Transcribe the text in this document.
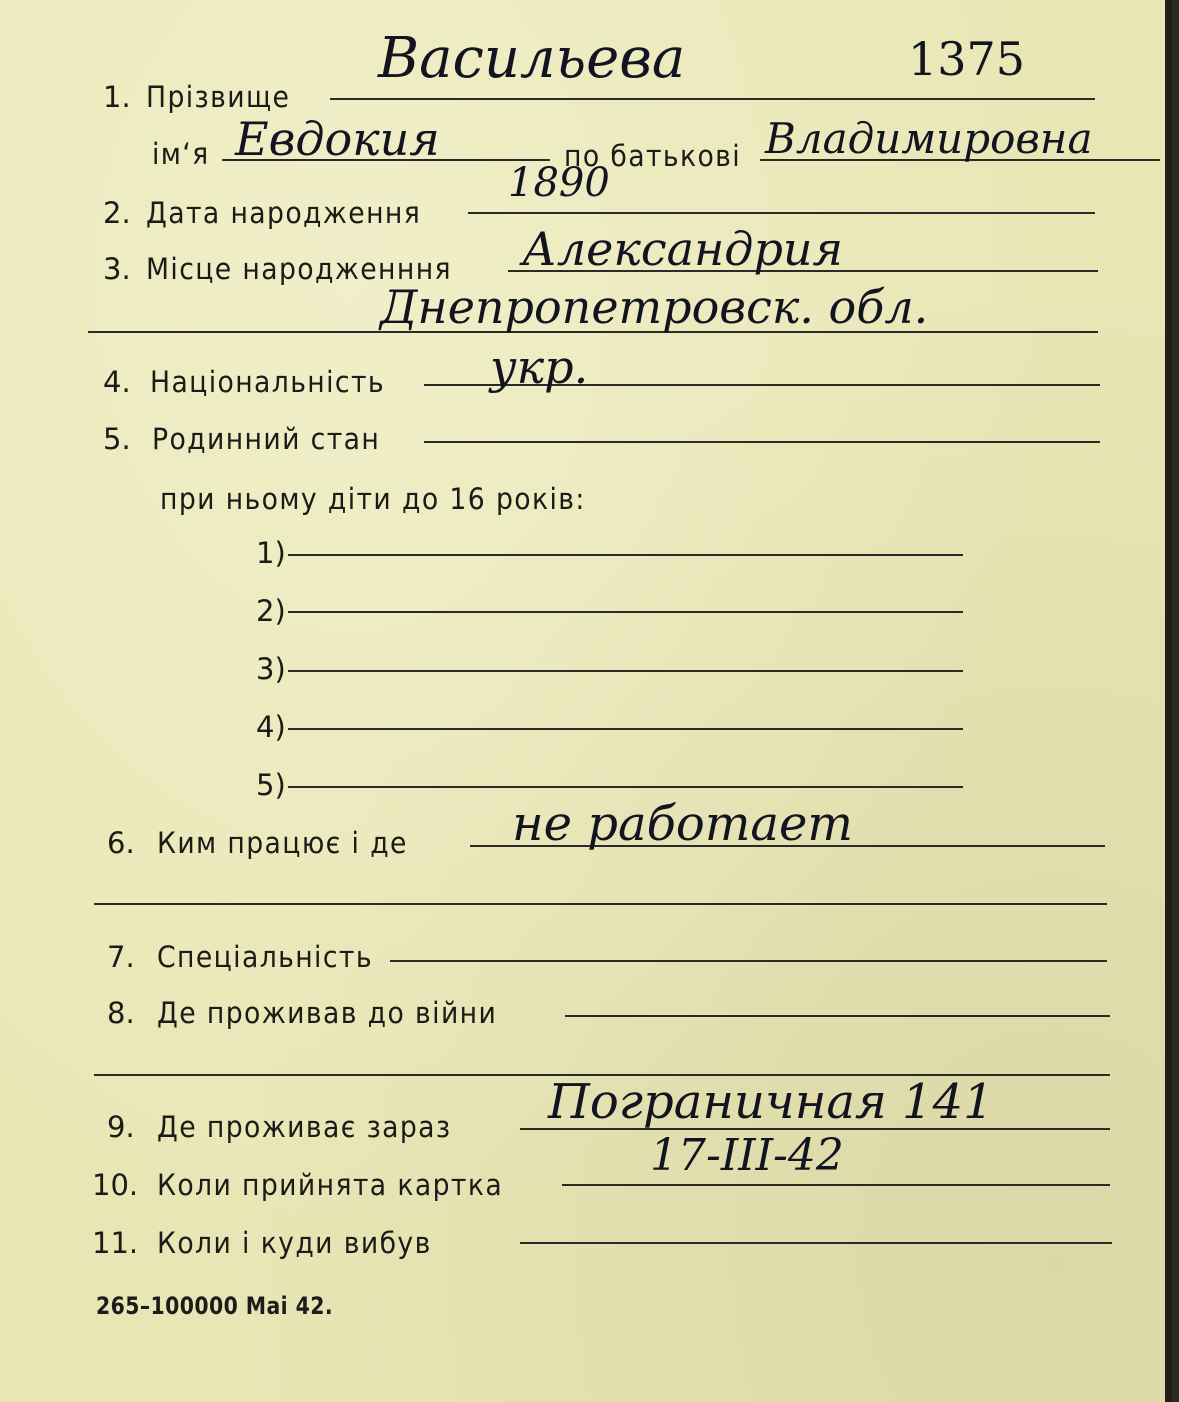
1. Прізвище
Васильева	1375
ім‘я Евдокия	по батькові Владимировна
2. Дата народження
1890
3. Місце народженння Александрия
Днепропетровск. обл.
4. Національність укр.
5. Родинний стан
при ньому діти до 16 років:
1)
2)
3)
4)
5)
6. Ким працює і де не работает
7. Спеціальність
8. Де проживав до війни
9. Де проживає зараз Пограничная 141
10. Коли прийнята картка
17-III-42
11. Коли і куди вибув
265–100000 Mai 42.
